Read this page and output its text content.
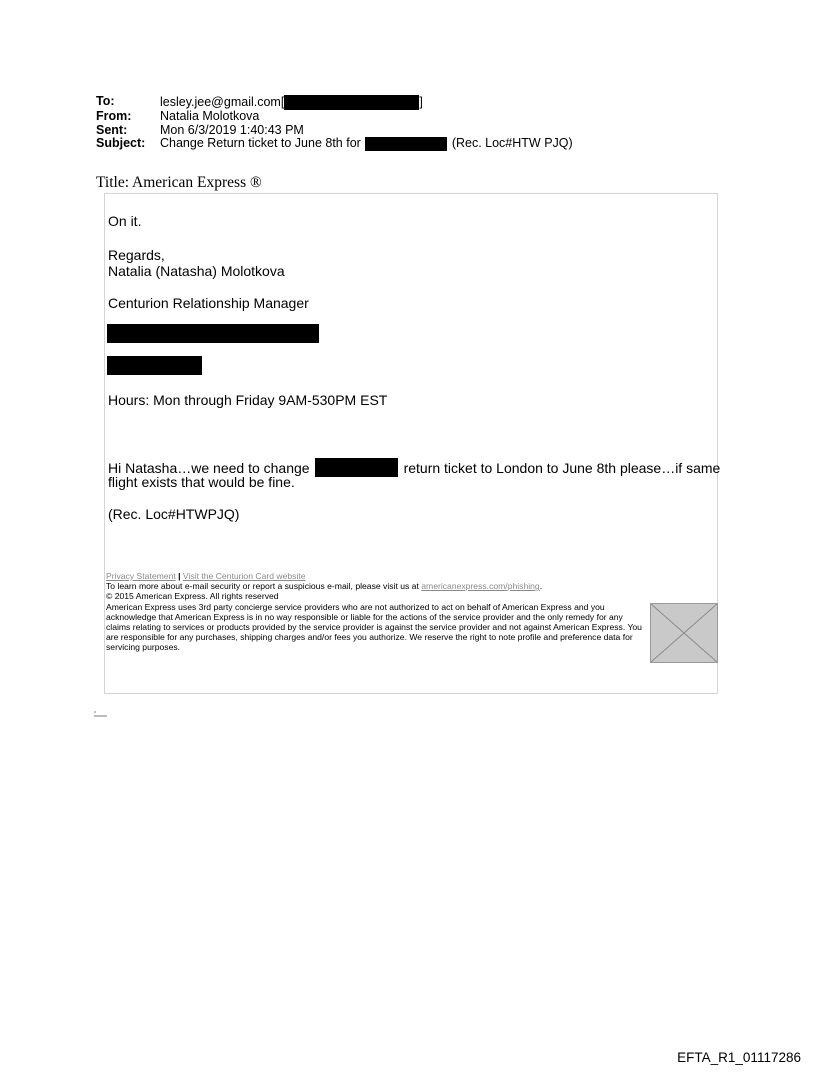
To:	lesley.jee@gmail.com[	]
From:	Natalia Molotkova
Sent:	Mon 6/3/2019 1:40:43 PM
Subject:	Change Return ticket to June 8th for	(Rec. Loc#HTW PJQ)
Title: American Express ®
On it.
Regards,
Natalia (Natasha) Molotkova
Centurion Relationship Manager
Hours: Mon through Friday 9AM-530PM EST
Hi Natasha…we need to change	return ticket to London to June 8th please…if same
flight exists that would be fine.
(Rec. Loc#HTWPJQ)
Privacy Statement | Visit the Centurion Card website
To learn more about e-mail security or report a suspicious e-mail, please visit us at americanexpress.com/phishing.
© 2015 American Express. All rights reserved
American Express uses 3rd party concierge service providers who are not authorized to act on behalf of American Express and you acknowledge that American Express is in no way responsible or liable for the actions of the service provider and the only remedy for any claims relating to services or products provided by the service provider is against the service provider and not against American Express. You are responsible for any purchases, shipping charges and/or fees you authorize. We reserve the right to note profile and preference data for servicing purposes.
EFTA_R1_01117286
